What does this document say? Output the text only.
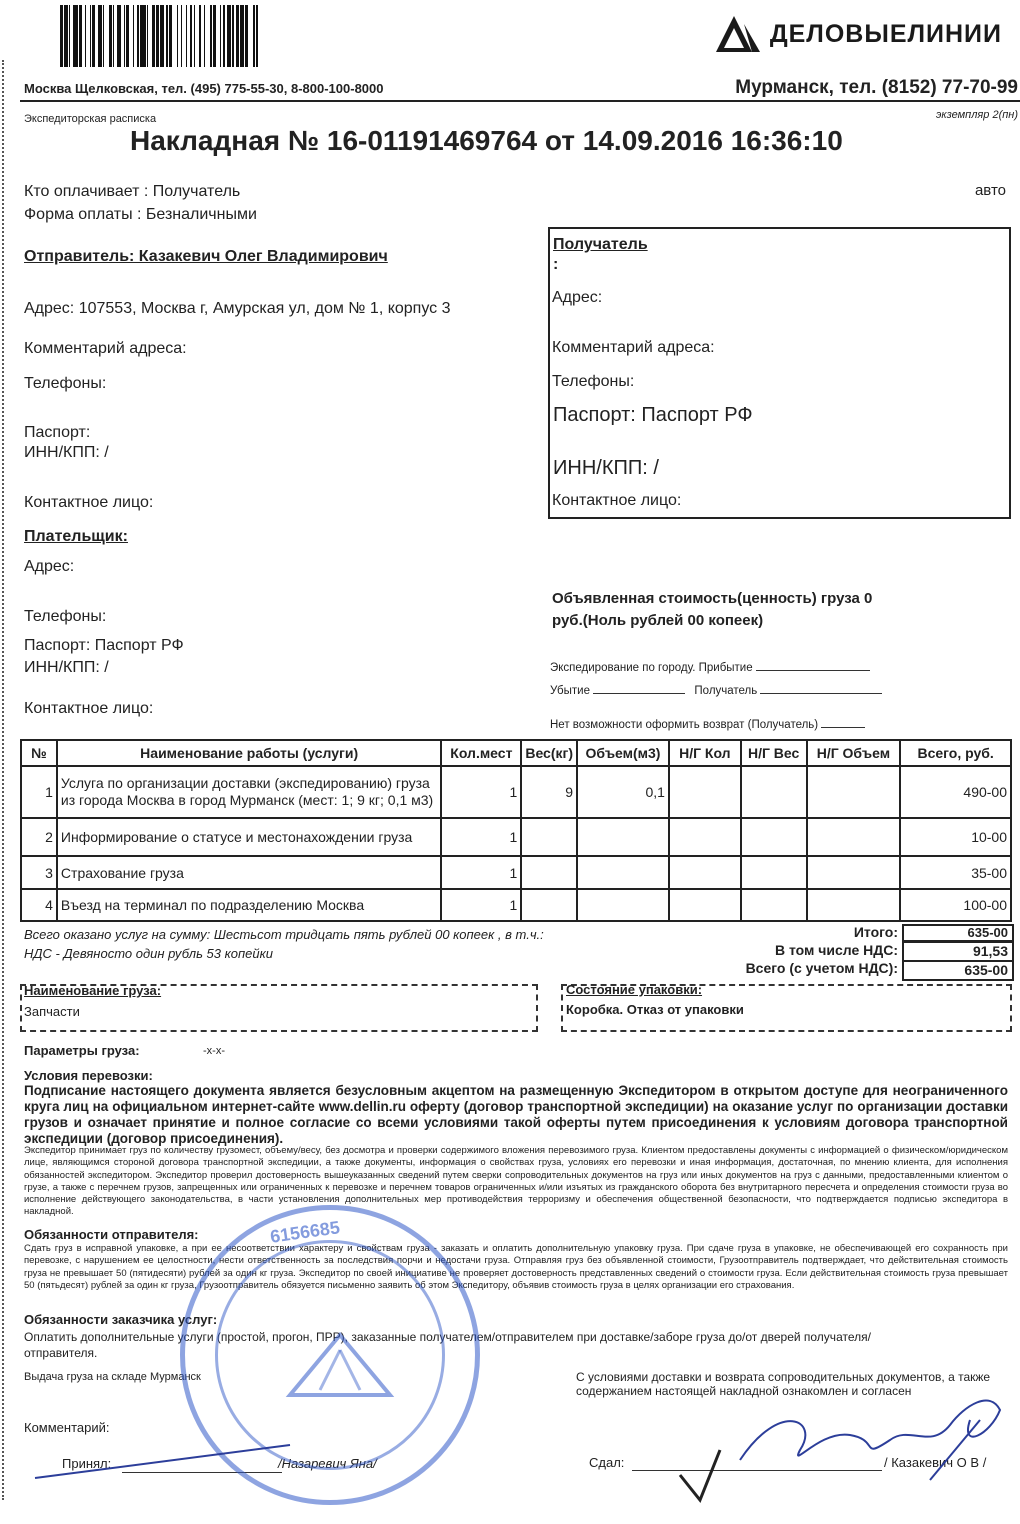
ДЕЛОВЫЕЛИНИИ
Москва Щелковская, тел. (495) 775-55-30, 8-800-100-8000	Мурманск, тел. (8152) 77-70-99
Экспедиторская расписка	экземпляр 2(пн)
Накладная № 16-01191469764 от 14.09.2016 16:36:10
Кто оплачивает : Получатель
Форма оплаты : Безналичными
авто
Отправитель: Казакевич Олег Владимирович
Адрес: 107553, Москва г, Амурская ул, дом № 1, корпус 3
Комментарий адреса:
Телефоны:
Паспорт:
ИНН/КПП: /
Контактное лицо:
Получатель
:
Адрес:
Комментарий адреса:
Телефоны:
Паспорт: Паспорт РФ
ИНН/КПП: /
Контактное лицо:
Плательщик:
Адрес:
Телефоны:
Паспорт: Паспорт РФ
ИНН/КПП: /
Контактное лицо:
Объявленная стоимость(ценность) груза 0
руб.(Ноль рублей 00 копеек)
Экспедирование по городу. Прибытие
Убытие	Получатель
Нет возможности оформить возврат (Получатель)
№	Наименование работы (услуги)	Кол.мест	Вес(кг)	Объем(м3)	Н/Г Кол	Н/Г Вес	Н/Г Объем	Всего, руб.
1	Услуга по организации доставки (экспедированию) груза из города Москва в город Мурманск (мест: 1; 9 кг; 0,1 м3)	1	9	0,1				490-00
2	Информирование о статусе и местонахождении груза	1						10-00
3	Страхование груза	1						35-00
4	Въезд на терминал по подразделению Москва	1						100-00
Всего оказано услуг на сумму: Шестьсот тридцать пять рублей 00 копеек , в т.ч.:
НДС - Девяносто один рубль 53 копейки
Итого:	635-00
В том числе НДС:	91,53
Всего (с учетом НДС):	635-00
Наименование груза:
Запчасти
Состояние упаковки:
Коробка. Отказ от упаковки
Параметры груза:	-x-x-
Условия перевозки:
Подписание настоящего документа является безусловным акцептом на размещенную Экспедитором в открытом доступе для неограниченного круга лиц на официальном интернет-сайте www.dellin.ru оферту (договор транспортной экспедиции) на оказание услуг по организации доставки грузов и означает принятие и полное согласие со всеми условиями такой оферты путем присоединения к условиям договора транспортной экспедиции (договор присоединения).
Экспедитор принимает груз по количеству грузомест, объему/весу, без досмотра и проверки содержимого вложения перевозимого груза. Клиентом предоставлены документы с информацией о физическом/юридическом лице, являющимся стороной договора транспортной экспедиции, а также документы, информация о свойствах груза, условиях его перевозки и иная информация, достаточная, по мнению клиента, для исполнения обязанностей экспедитором. Экспедитор проверил достоверность вышеуказанных сведений путем сверки сопроводительных документов на груз или иных документов на груз с данными, предоставленными клиентом о грузе, а также с перечнем грузов, запрещенных или ограниченных к перевозке и перечнем товаров ограниченных и/или изъятых из гражданского оборота без внутритарного пересчета и определения стоимости груза во исполнение действующего законодательства, в части установления дополнительных мер противодействия терроризму и обеспечения общественной безопасности, что подтверждается подписью экспедитора в накладной.
Обязанности отправителя:
Сдать груз в исправной упаковке, а при ее несоответствии характеру и свойствам груза - заказать и оплатить дополнительную упаковку груза. При сдаче груза в упаковке, не обеспечивающей его сохранность при перевозке, с нарушением ее целостности, нести ответственность за последствия порчи и недостачи груза. Отправляя груз без объявленной стоимости, Грузоотправитель подтверждает, что действительная стоимость груза не превышает 50 (пятидесяти) рублей за один кг груза. Экспедитор по своей инициативе не проверяет достоверность представленных сведений о стоимости груза. Если действительная стоимость груза превышает 50 (пятьдесят) рублей за один кг груза, Грузоотправитель обязуется письменно заявить об этом Экспедитору, объявив стоимость груза в целях организации его страхования.
Обязанности заказчика услуг:
Оплатить дополнительные услуги (простой, прогон, ПРР), заказанные получателем/отправителем при доставке/заборе груза до/от дверей получателя/отправителя.
Выдача груза на складе Мурманск	С условиями доставки и возврата сопроводительных документов, а также содержанием настоящей накладной ознакомлен и согласен
Комментарий:
Принял:	/Назаревич Яна/	Сдал:	/ Казакевич О В /
6156685
